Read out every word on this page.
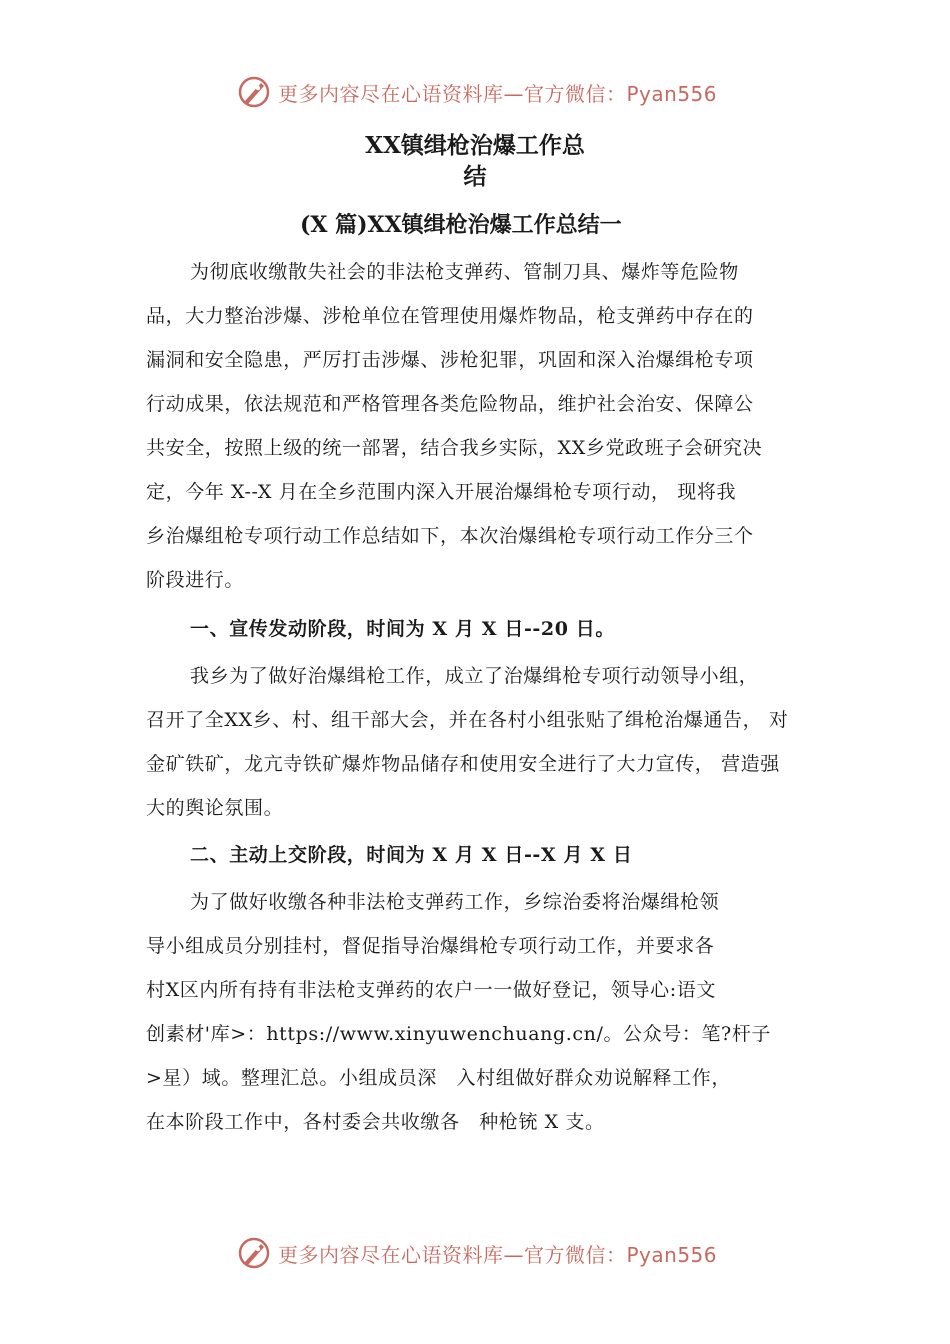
更多内容尽在心语资料库—官方微信：Pyan556
XX镇缉枪治爆工作总
结
(X 篇)XX镇缉枪治爆工作总结一
为彻底收缴散失社会的非法枪支弹药、管制刀具、爆炸等危险物
品，大力整治涉爆、涉枪单位在管理使用爆炸物品，枪支弹药中存在的
漏洞和安全隐患，严厉打击涉爆、涉枪犯罪，巩固和深入治爆缉枪专项
行动成果，依法规范和严格管理各类危险物品，维护社会治安、保障公
共安全，按照上级的统一部署，结合我乡实际，XX乡党政班子会研究决
定，今年 X--X 月在全乡范围内深入开展治爆缉枪专项行动， 现将我
乡治爆组枪专项行动工作总结如下，本次治爆缉枪专项行动工作分三个
阶段进行。
一、宣传发动阶段，时间为 X 月 X 日--20 日。
我乡为了做好治爆缉枪工作，成立了治爆缉枪专项行动领导小组，
召开了全XX乡、村、组干部大会，并在各村小组张贴了缉枪治爆通告， 对
金矿铁矿，龙亢寺铁矿爆炸物品储存和使用安全进行了大力宣传， 营造强
大的舆论氛围。
二、主动上交阶段，时间为 X 月 X 日--X 月 X 日
为了做好收缴各种非法枪支弹药工作，乡综治委将治爆缉枪领
导小组成员分别挂村，督促指导治爆缉枪专项行动工作，并要求各
村X区内所有持有非法枪支弹药的农户一一做好登记，领导心:语文
创素材'库>：https://www.xinyuwenchuang.cn/。公众号：笔?杆子
>星）域。整理汇总。小组成员深　入村组做好群众劝说解释工作，
在本阶段工作中，各村委会共收缴各　种枪铳 X 支。
更多内容尽在心语资料库—官方微信：Pyan556
